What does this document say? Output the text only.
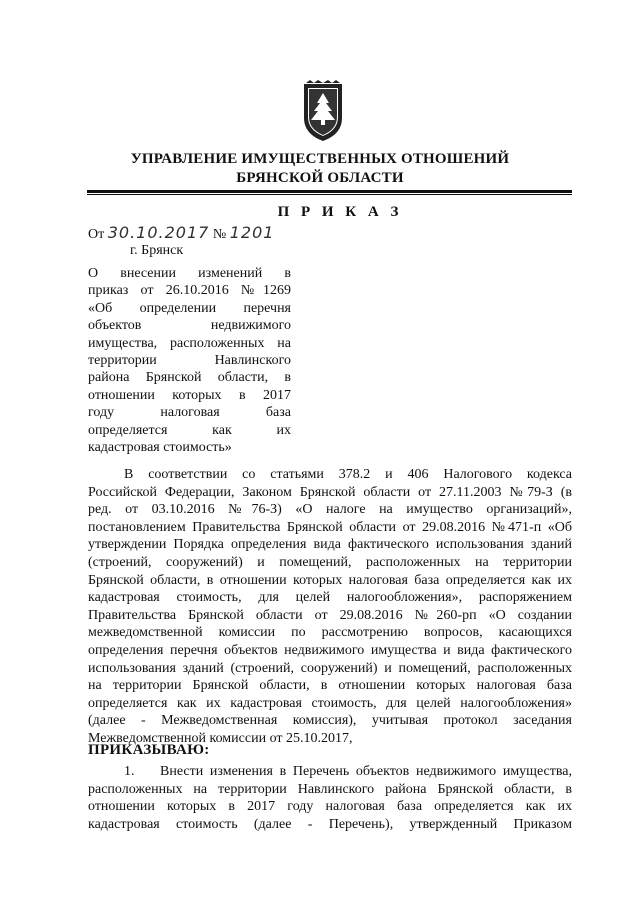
УПРАВЛЕНИЕ ИМУЩЕСТВЕННЫХ ОТНОШЕНИЙ
БРЯНСКОЙ ОБЛАСТИ
П Р И К А З
От 30.10.2017 № 1201
г. Брянск
О внесении изменений в
приказ от 26.10.2016 №1269
«Об определении перечня
объектов недвижимого
имущества, расположенных на
территории Навлинского
района Брянской области, в
отношении которых в 2017
году налоговая база
определяется как их
кадастровая стоимость»
В соответствии со статьями 378.2 и 406 Налогового кодекса
Российской Федерации, Законом Брянской области от 27.11.2003 №79-З (в
ред. от 03.10.2016 №76-З) «О налоге на имущество организаций»,
постановлением Правительства Брянской области от 29.08.2016 №471-п «Об
утверждении Порядка определения вида фактического использования зданий
(строений, сооружений) и помещений, расположенных на территории
Брянской области, в отношении которых налоговая база определяется как их
кадастровая стоимость, для целей налогообложения», распоряжением
Правительства Брянской области от 29.08.2016 №260-рп «О создании
межведомственной комиссии по рассмотрению вопросов, касающихся
определения перечня объектов недвижимого имущества и вида фактического
использования зданий (строений, сооружений) и помещений, расположенных
на территории Брянской области, в отношении которых налоговая база
определяется как их кадастровая стоимость, для целей налогообложения»
(далее - Межведомственная комиссия), учитывая протокол заседания
Межведомственной комиссии от 25.10.2017,
ПРИКАЗЫВАЮ:
1. Внести изменения в Перечень объектов недвижимого имущества,
расположенных на территории Навлинского района Брянской области, в
отношении которых в 2017 году налоговая база определяется как их
кадастровая стоимость (далее - Перечень), утвержденный Приказом
